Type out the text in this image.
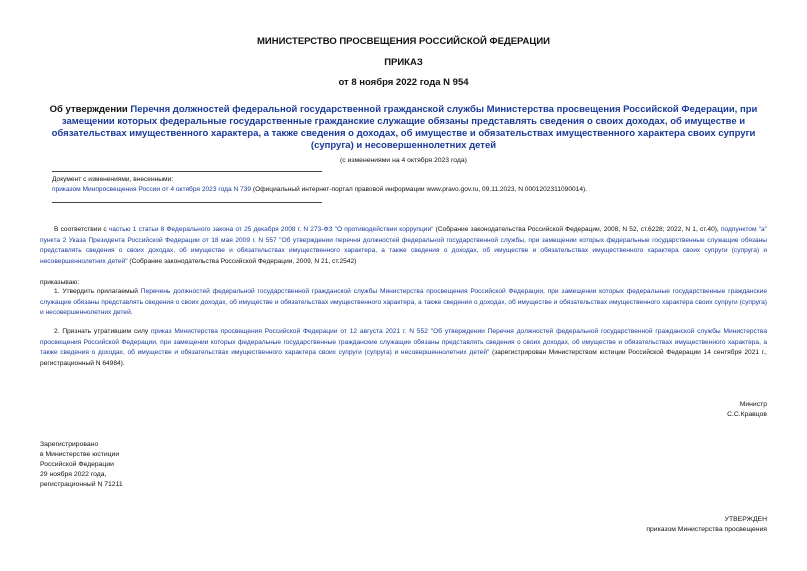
МИНИСТЕРСТВО ПРОСВЕЩЕНИЯ РОССИЙСКОЙ ФЕДЕРАЦИИ
ПРИКАЗ
от 8 ноября 2022 года N 954
Об утверждении Перечня должностей федеральной государственной гражданской службы Министерства просвещения Российской Федерации, при замещении которых федеральные государственные гражданские служащие обязаны представлять сведения о своих доходах, об имуществе и обязательствах имущественного характера, а также сведения о доходах, об имуществе и обязательствах имущественного характера своих супруги (супруга) и несовершеннолетних детей
(с изменениями на 4 октября 2023 года)
Документ с изменениями, внесенными:
приказом Минпросвещения России от 4 октября 2023 года N 739 (Официальный интернет-портал правовой информации www.pravo.gov.ru, 09.11.2023, N 0001202311090014).
В соответствии с частью 1 статьи 8 Федерального закона от 25 декабря 2008 г. N 273-ФЗ "О противодействии коррупции" (Собрание законодательства Российской Федерации, 2008, N 52, ст.6228; 2022, N 1, ст.40), подпунктом "а" пункта 2 Указа Президента Российской Федерации от 18 мая 2009 г. N 557 "Об утверждении перечня должностей федеральной государственной службы, при замещении которых федеральные государственные служащие обязаны представлять сведения о своих доходах, об имуществе и обязательствах имущественного характера, а также сведения о доходах, об имуществе и обязательствах имущественного характера своих супруги (супруга) и несовершеннолетних детей" (Собрание законодательства Российской Федерации, 2009, N 21, ст.2542)
приказываю:
1. Утвердить прилагаемый Перечень должностей федеральной государственной гражданской службы Министерства просвещения Российской Федерации, при замещении которых федеральные государственные гражданские служащие обязаны представлять сведения о своих доходах, об имуществе и обязательствах имущественного характера, а также сведения о доходах, об имуществе и обязательствах имущественного характера своих супруги (супруга) и несовершеннолетних детей.
2. Признать утратившим силу приказ Министерства просвещения Российской Федерации от 12 августа 2021 г. N 552 "Об утверждении Перечня должностей федеральной государственной гражданской службы Министерства просвещения Российской Федерации, при замещении которых федеральные государственные гражданские служащие обязаны представлять сведения о своих доходах, об имуществе и обязательствах имущественного характера, а также сведения о доходах, об имуществе и обязательствах имущественного характера своих супруги (супруга) и несовершеннолетних детей" (зарегистрирован Министерством юстиции Российской Федерации 14 сентября 2021 г., регистрационный N 64984).
Министр
С.С.Кравцов
Зарегистрировано
в Министерстве юстиции
Российской Федерации
29 ноября 2022 года,
регистрационный N 71211
УТВЕРЖДЕН
приказом Министерства просвещения
